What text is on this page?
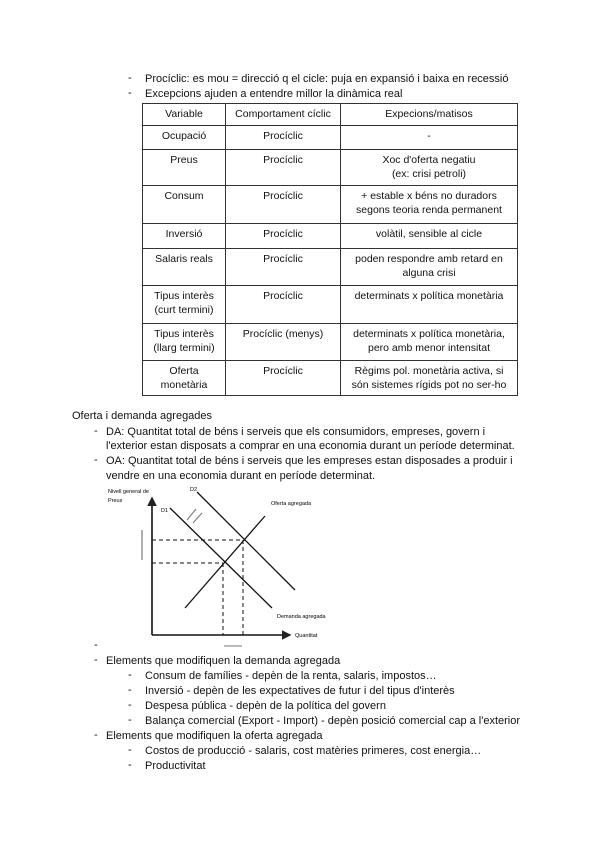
- Procíclic: es mou = direcció q el cicle: puja en expansió i baixa en recessió
- Excepcions ajuden a entendre millor la dinàmica real
Variable	Comportament cíclic	Expecions/matisos
Ocupació	Procíclic	-
Preus	Procíclic	Xoc d'oferta negatiu
(ex: crisi petroli)
Consum	Procíclic	+ estable x béns no duradors
segons teoria renda permanent
Inversió	Procíclic	volàtil, sensible al cicle
Salaris reals	Procíclic	poden respondre amb retard en
alguna crisi
Tipus interès
(curt termini)	Procíclic	determinats x política monetària
Tipus interès
(llarg termini)	Procíclic (menys)	determinats x política monetària,
pero amb menor intensitat
Oferta
monetària	Procíclic	Règims pol. monetària activa, si
són sistemes rígids pot no ser-ho
Oferta i demanda agregades
- DA: Quantitat total de béns i serveis que els consumidors, empreses, govern i
l'exterior estan disposats a comprar en una economia durant un període determinat.
- OA: Quantitat total de béns i serveis que les empreses estan disposades a produir i
vendre en una economia durant en període determinat.
Nivell general de
Preus
D2
D1
Oferta agregada
Demanda agregada
Quantitat
-
- Elements que modifiquen la demanda agregada
- Consum de famílies - depèn de la renta, salaris, impostos…
- Inversió - depèn de les expectatives de futur i del tipus d'interès
- Despesa pública - depèn de la política del govern
- Balança comercial (Export - Import) - depèn posició comercial cap a l'exterior
- Elements que modifiquen la oferta agregada
- Costos de producció - salaris, cost matèries primeres, cost energia…
- Productivitat
